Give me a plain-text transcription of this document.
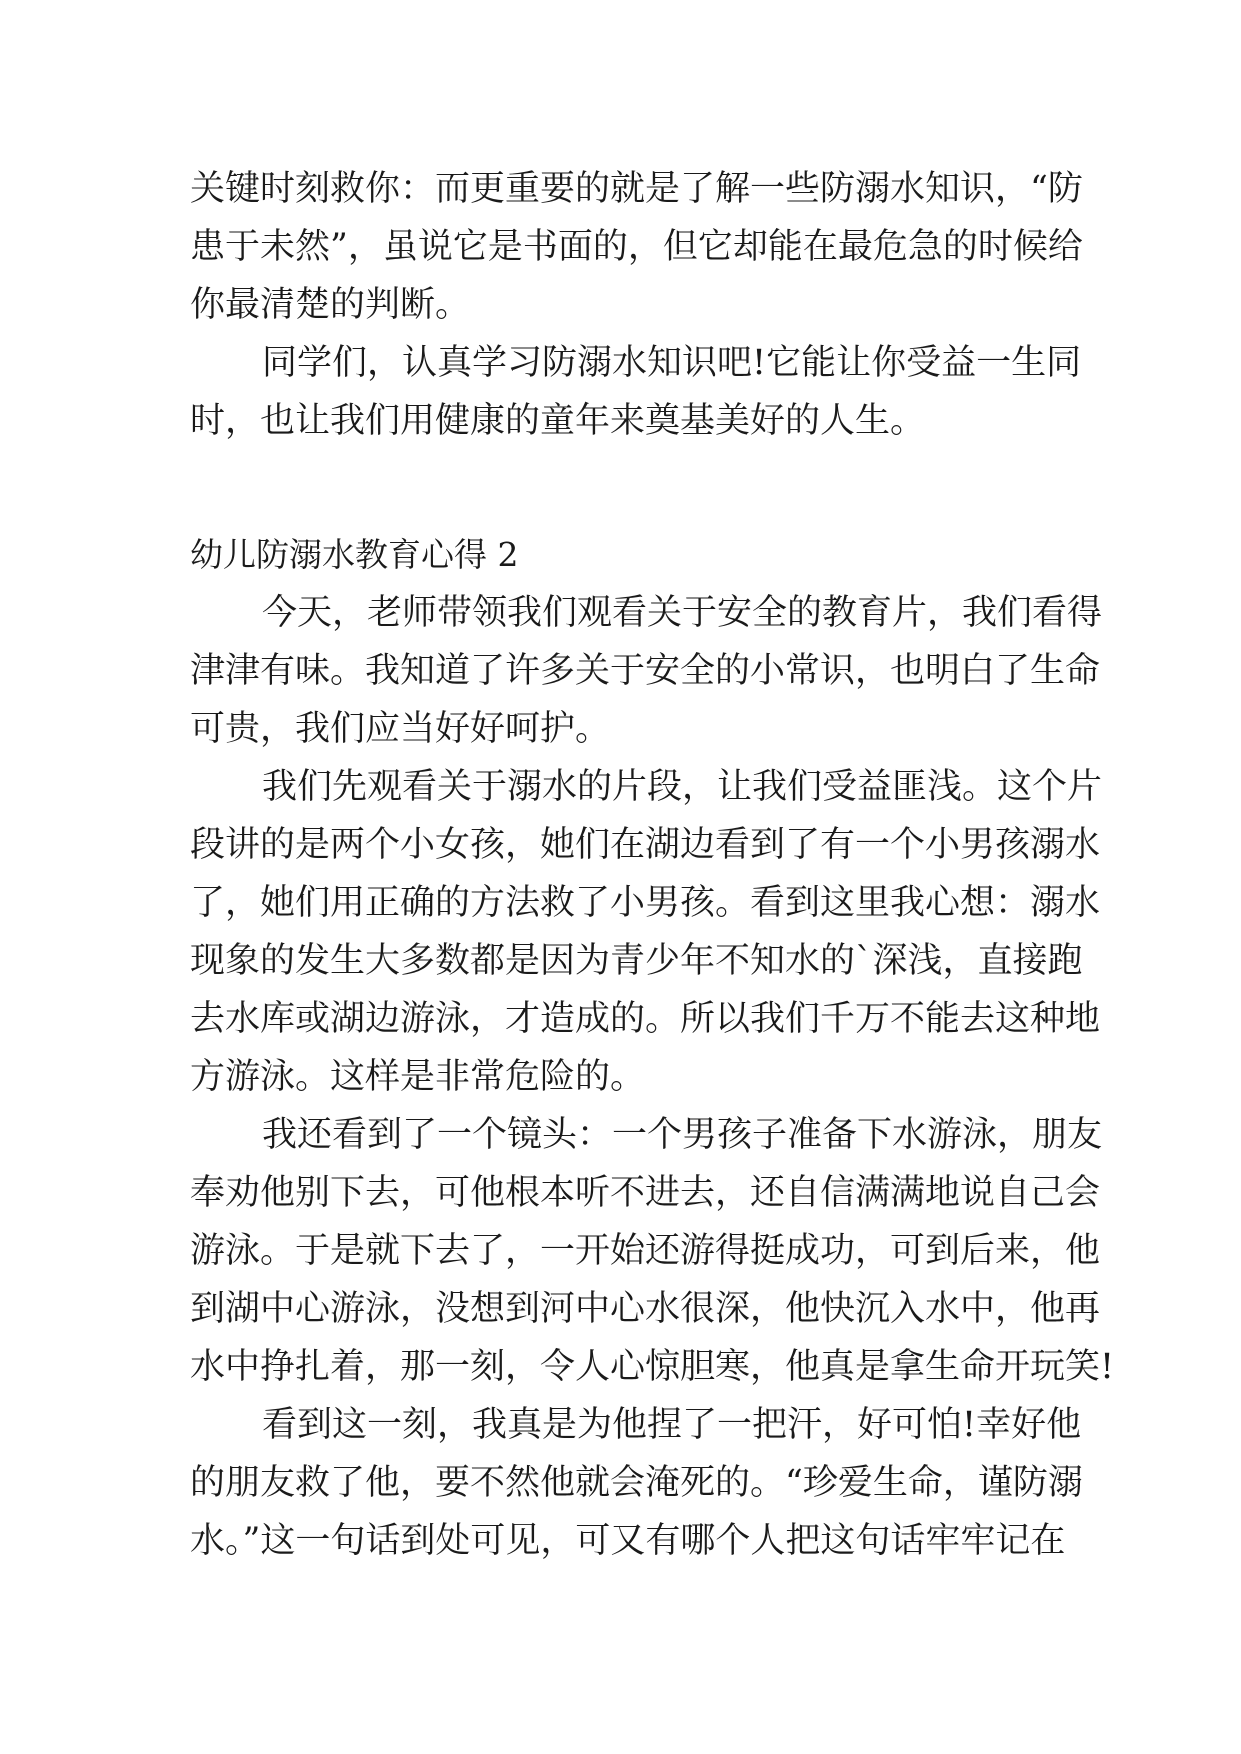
关键时刻救你：而更重要的就是了解一些防溺水知识，“防
患于未然”，虽说它是书面的，但它却能在最危急的时候给
你最清楚的判断。
同学们，认真学习防溺水知识吧!它能让你受益一生同
时，也让我们用健康的童年来奠基美好的人生。
幼儿防溺水教育心得 2
今天，老师带领我们观看关于安全的教育片，我们看得
津津有味。我知道了许多关于安全的小常识，也明白了生命
可贵，我们应当好好呵护。
我们先观看关于溺水的片段，让我们受益匪浅。这个片
段讲的是两个小女孩，她们在湖边看到了有一个小男孩溺水
了，她们用正确的方法救了小男孩。看到这里我心想：溺水
现象的发生大多数都是因为青少年不知水的`深浅，直接跑
去水库或湖边游泳，才造成的。所以我们千万不能去这种地
方游泳。这样是非常危险的。
我还看到了一个镜头：一个男孩子准备下水游泳，朋友
奉劝他别下去，可他根本听不进去，还自信满满地说自己会
游泳。于是就下去了，一开始还游得挺成功，可到后来，他
到湖中心游泳，没想到河中心水很深，他快沉入水中，他再
水中挣扎着，那一刻，令人心惊胆寒，他真是拿生命开玩笑!
看到这一刻，我真是为他捏了一把汗，好可怕!幸好他
的朋友救了他，要不然他就会淹死的。“珍爱生命，谨防溺
水。”这一句话到处可见，可又有哪个人把这句话牢牢记在
